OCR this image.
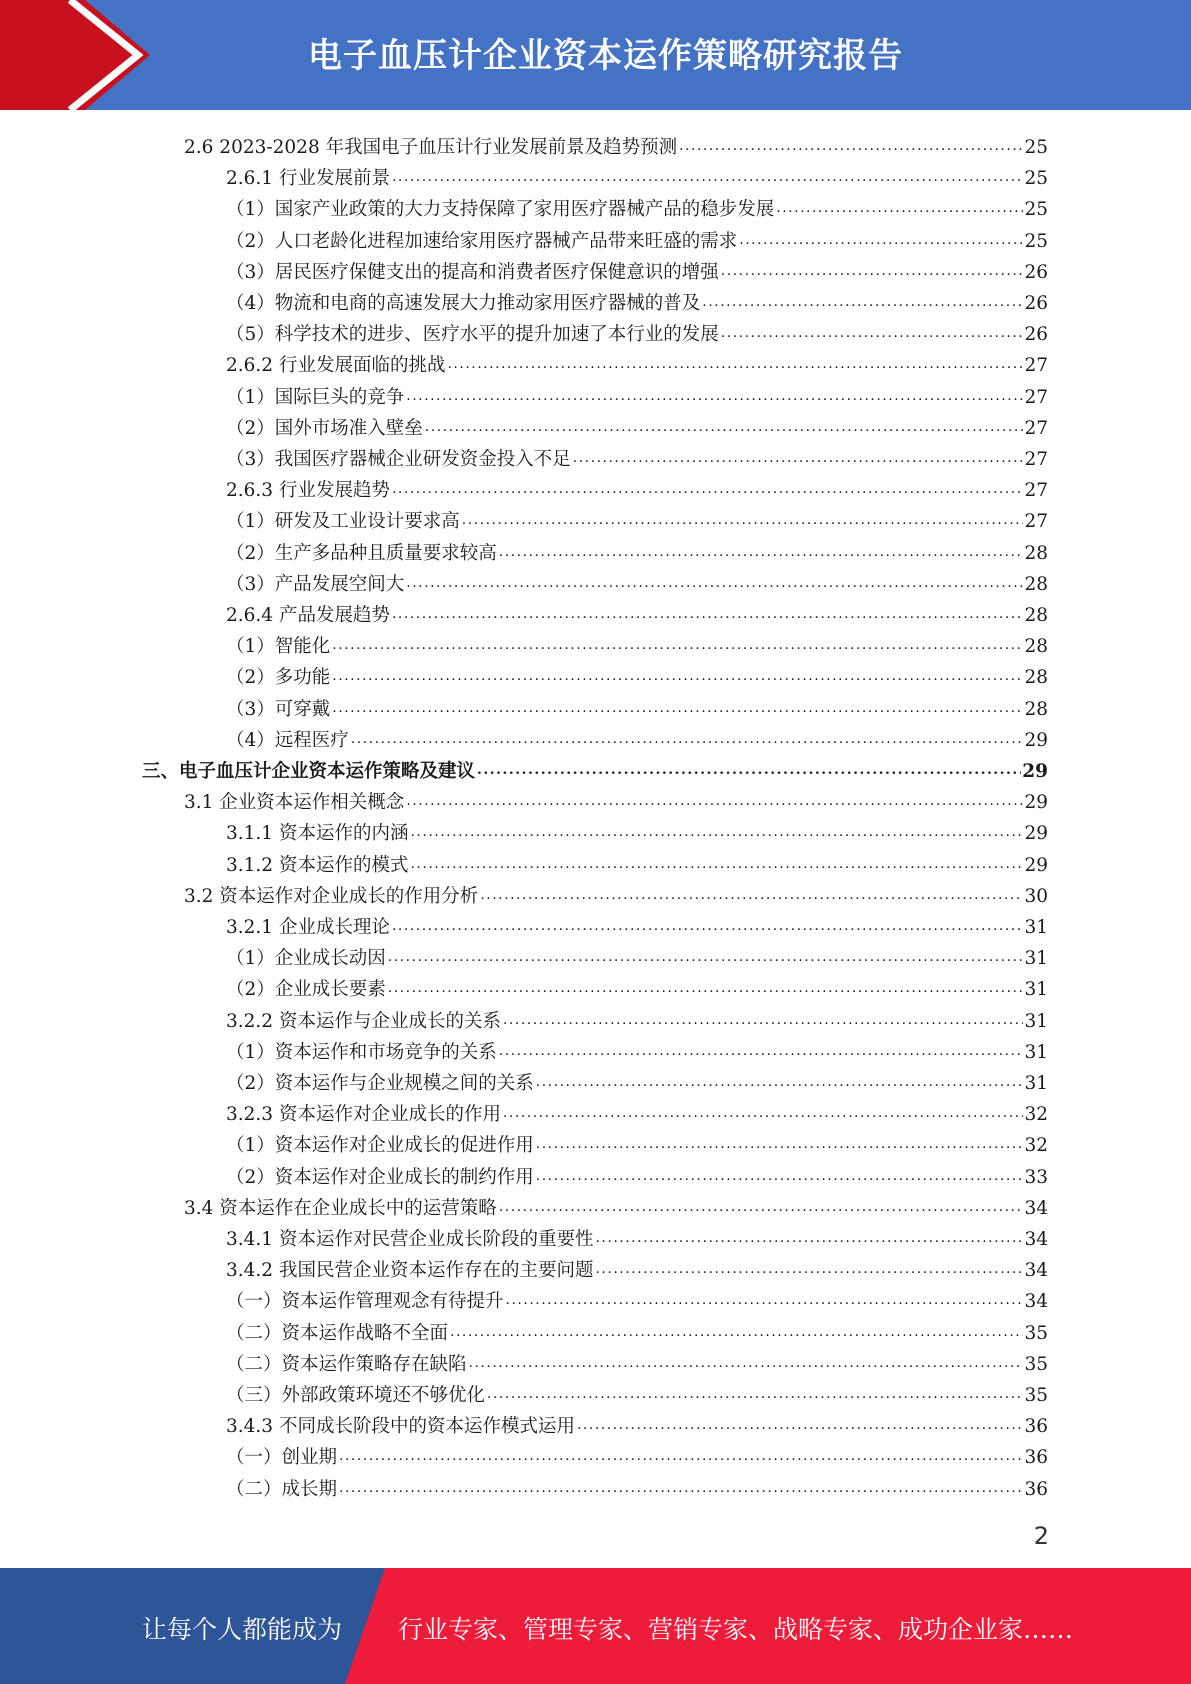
电子血压计企业资本运作策略研究报告
2.6 2023-2028 年我国电子血压计行业发展前景及趋势预测 .....	25
2.6.1 行业发展前景 .....	25
（1）国家产业政策的大力支持保障了家用医疗器械产品的稳步发展 .....	25
（2）人口老龄化进程加速给家用医疗器械产品带来旺盛的需求 .....	25
（3）居民医疗保健支出的提高和消费者医疗保健意识的增强 .....	26
（4）物流和电商的高速发展大力推动家用医疗器械的普及 .....	26
（5）科学技术的进步、医疗水平的提升加速了本行业的发展 .....	26
2.6.2 行业发展面临的挑战 .....	27
（1）国际巨头的竞争 .....	27
（2）国外市场准入壁垒 .....	27
（3）我国医疗器械企业研发资金投入不足 .....	27
2.6.3 行业发展趋势 .....	27
（1）研发及工业设计要求高 .....	27
（2）生产多品种且质量要求较高 .....	28
（3）产品发展空间大 .....	28
2.6.4 产品发展趋势 .....	28
（1）智能化 .....	28
（2）多功能 .....	28
（3）可穿戴 .....	28
（4）远程医疗 .....	29
三、电子血压计企业资本运作策略及建议 .....	29
3.1 企业资本运作相关概念 .....	29
3.1.1 资本运作的内涵 .....	29
3.1.2 资本运作的模式 .....	29
3.2 资本运作对企业成长的作用分析 .....	30
3.2.1 企业成长理论 .....	31
（1）企业成长动因 .....	31
（2）企业成长要素 .....	31
3.2.2 资本运作与企业成长的关系 .....	31
（1）资本运作和市场竞争的关系 .....	31
（2）资本运作与企业规模之间的关系 .....	31
3.2.3 资本运作对企业成长的作用 .....	32
（1）资本运作对企业成长的促进作用 .....	32
（2）资本运作对企业成长的制约作用 .....	33
3.4 资本运作在企业成长中的运营策略 .....	34
3.4.1 资本运作对民营企业成长阶段的重要性 .....	34
3.4.2 我国民营企业资本运作存在的主要问题 .....	34
（一）资本运作管理观念有待提升 .....	34
（二）资本运作战略不全面 .....	35
（二）资本运作策略存在缺陷 .....	35
（三）外部政策环境还不够优化 .....	35
3.4.3 不同成长阶段中的资本运作模式运用 .....	36
（一）创业期 .....	36
（二）成长期 .....	36
2
让每个人都能成为 行业专家、管理专家、营销专家、战略专家、成功企业家……
